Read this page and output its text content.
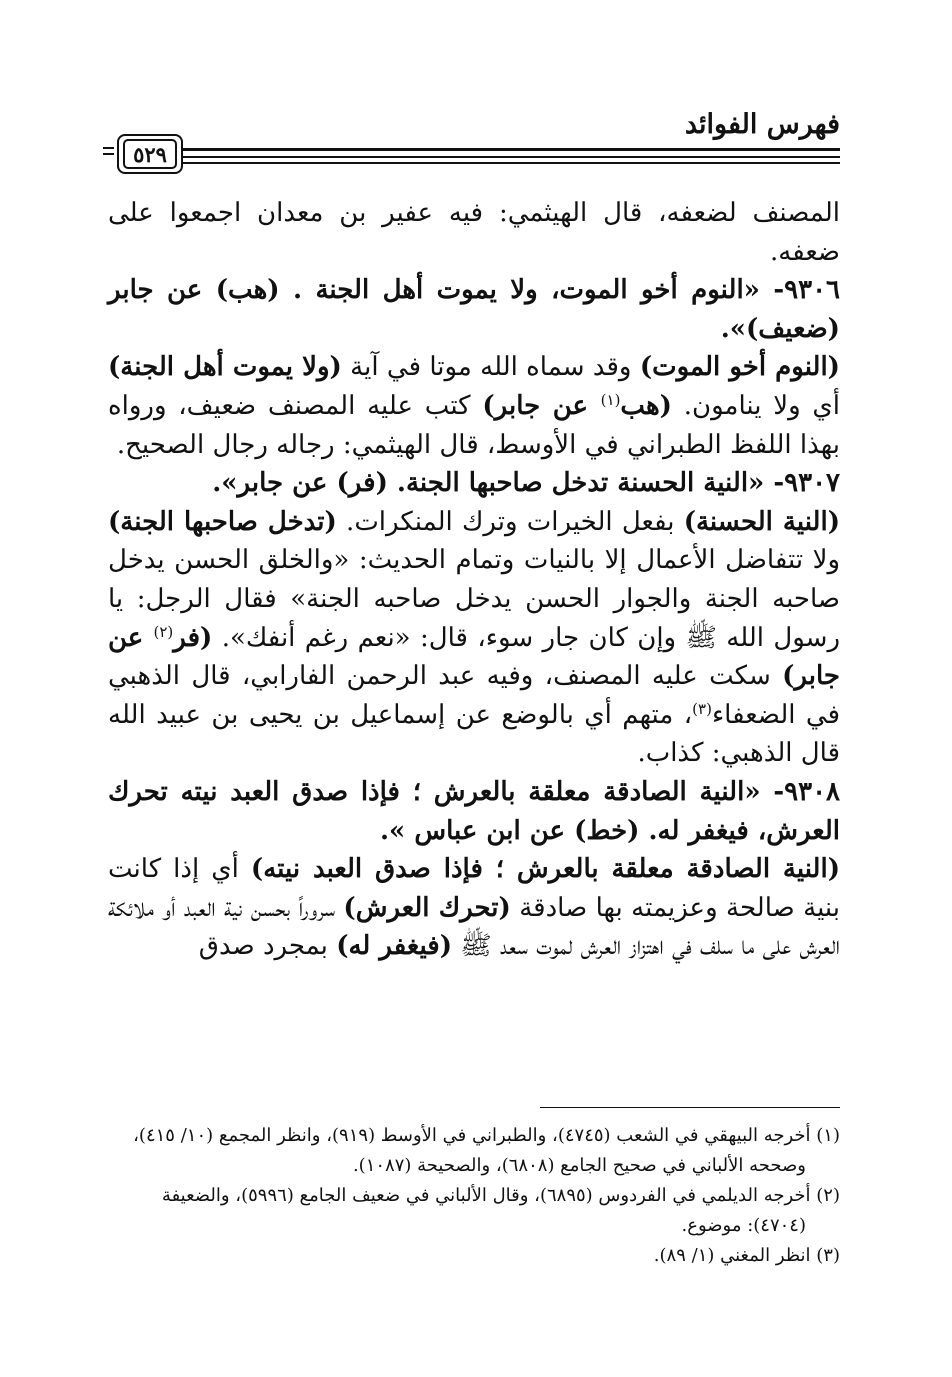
فهرس الفوائد
٥٢٩

المصنف لضعفه، قال الهيثمي: فيه عفير بن معدان اجمعوا على ضعفه.

٩٣٠٦- «النوم أخو الموت، ولا يموت أهل الجنة . (هب) عن جابر (ضعيف)».

(النوم أخو الموت) وقد سماه الله موتا في آية (ولا يموت أهل الجنة) أي ولا ينامون. (هب$^{(١)}$ عن جابر) كتب عليه المصنف ضعيف، ورواه بهذا اللفظ الطبراني في الأوسط، قال الهيثمي: رجاله رجال الصحيح.

٩٣٠٧- «النية الحسنة تدخل صاحبها الجنة. (فر) عن جابر».

(النية الحسنة) بفعل الخيرات وترك المنكرات. (تدخل صاحبها الجنة) ولا تتفاضل الأعمال إلا بالنيات وتمام الحديث: «والخلق الحسن يدخل صاحبه الجنة والجوار الحسن يدخل صاحبه الجنة» فقال الرجل: يا رسول الله ﷺ وإن كان جار سوء، قال: «نعم رغم أنفك». (فر$^{(٢)}$ عن جابر) سكت عليه المصنف، وفيه عبد الرحمن الفارابي، قال الذهبي في الضعفاء$^{(٣)}$، متهم أي بالوضع عن إسماعيل بن يحيى بن عبيد الله قال الذهبي: كذاب.

٩٣٠٨- «النية الصادقة معلقة بالعرش ؛ فإذا صدق العبد نيته تحرك العرش، فيغفر له. (خط) عن ابن عباس ».

(النية الصادقة معلقة بالعرش ؛ فإذا صدق العبد نيته) أي إذا كانت بنية صالحة وعزيمته بها صادقة (تحرك العرش) سروراً بحسن نية العبد أو ملائكة العرش على ما سلف في اهتزاز العرش لموت سعد ﷺ (فيغفر له) بمجرد صدق

(١) أخرجه البيهقي في الشعب (٤٧٤٥)، والطبراني في الأوسط (٩١٩)، وانظر المجمع (١٠/ ٤١٥)،

وصححه الألباني في صحيح الجامع (٦٨٠٨)، والصحيحة (١٠٨٧).

(٢) أخرجه الديلمي في الفردوس (٦٨٩٥)، وقال الألباني في ضعيف الجامع (٥٩٩٦)، والضعيفة

(٤٧٠٤): موضوع.

(٣) انظر المغني (١/ ٨٩).
